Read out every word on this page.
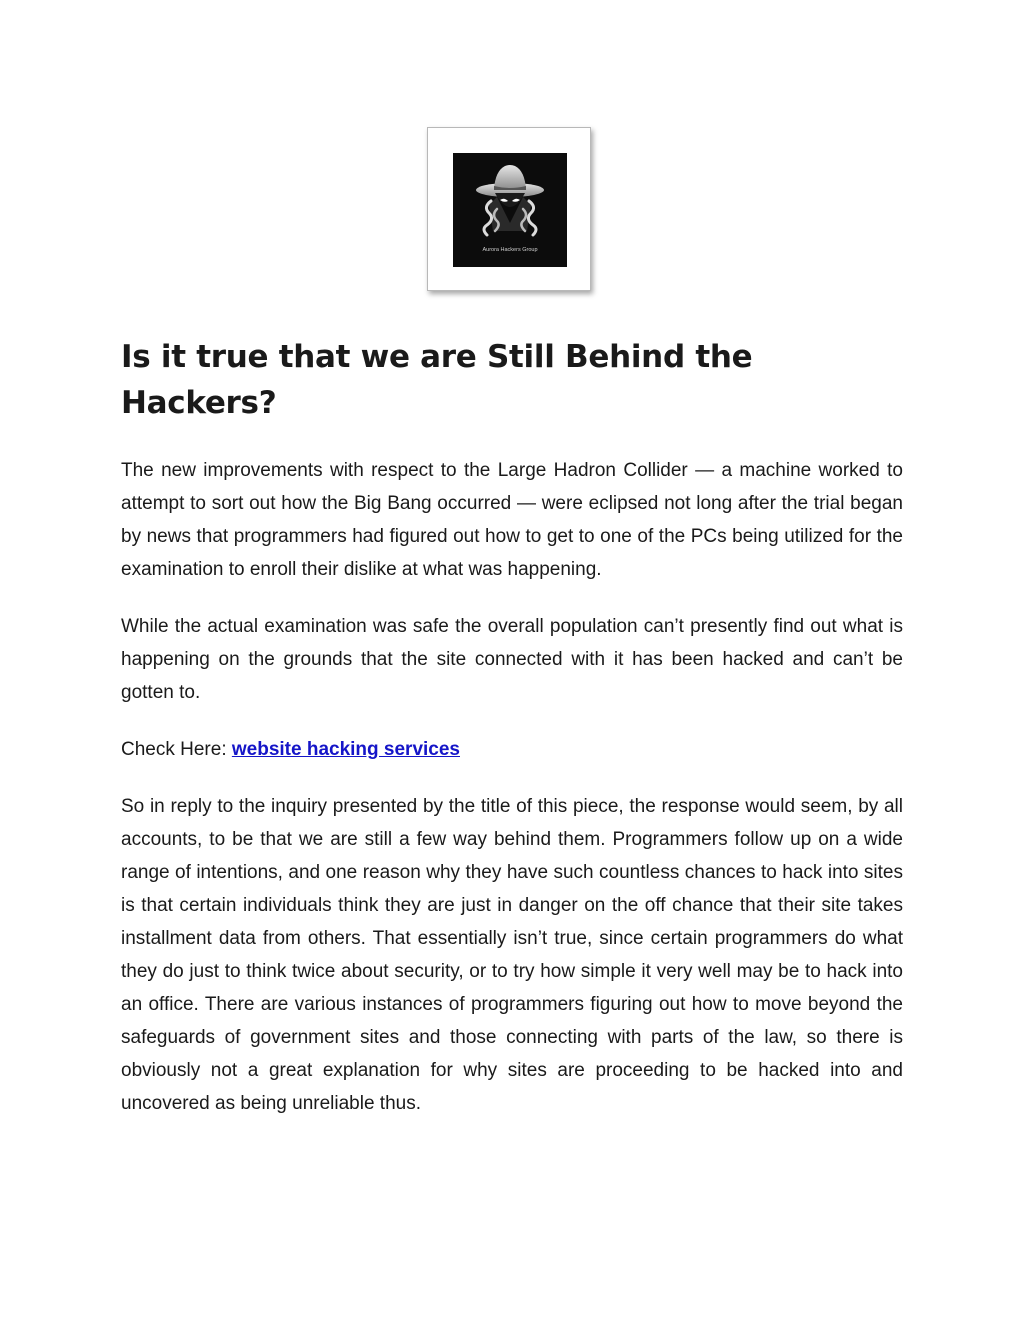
Aurora Hackers Group
Is it true that we are Still Behind the Hackers?

The new improvements with respect to the Large Hadron Collider — a machine worked to attempt to sort out how the Big Bang occurred — were eclipsed not long after the trial began by news that programmers had figured out how to get to one of the PCs being utilized for the examination to enroll their dislike at what was happening.

While the actual examination was safe the overall population can’t presently find out what is happening on the grounds that the site connected with it has been hacked and can’t be gotten to.

Check Here: website hacking services

So in reply to the inquiry presented by the title of this piece, the response would seem, by all accounts, to be that we are still a few way behind them. Programmers follow up on a wide range of intentions, and one reason why they have such countless chances to hack into sites is that certain individuals think they are just in danger on the off chance that their site takes installment data from others. That essentially isn’t true, since certain programmers do what they do just to think twice about security, or to try how simple it very well may be to hack into an office. There are various instances of programmers figuring out how to move beyond the safeguards of government sites and those connecting with parts of the law, so there is obviously not a great explanation for why sites are proceeding to be hacked into and uncovered as being unreliable thus.
